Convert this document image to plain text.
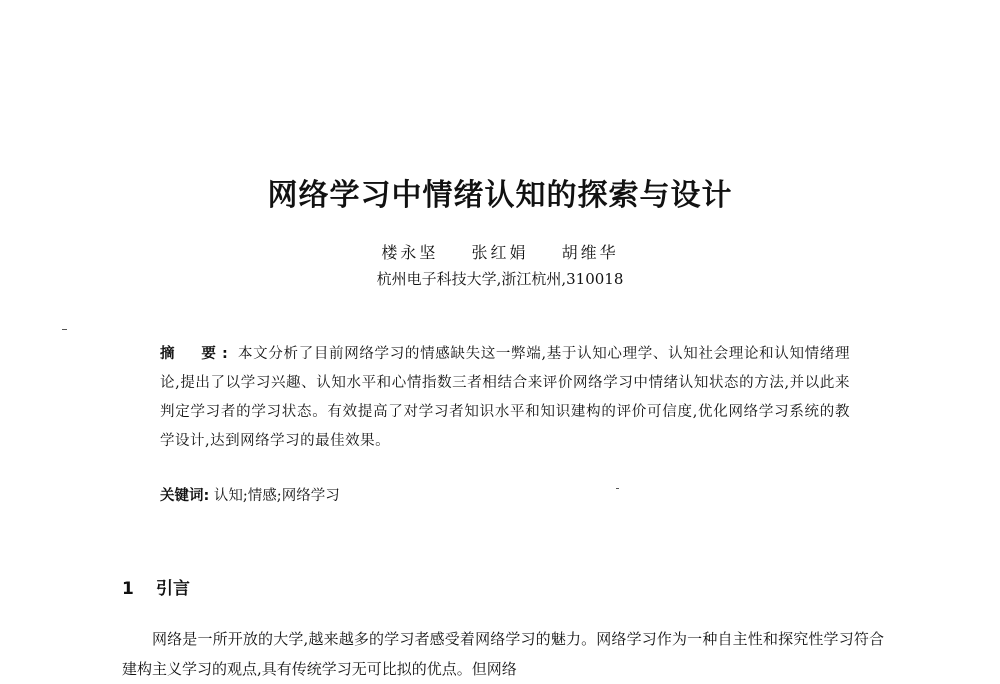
网络学习中情绪认知的探索与设计
楼永坚 张红娟 胡维华
杭州电子科技大学,浙江杭州,310018
摘　要: 本文分析了目前网络学习的情感缺失这一弊端,基于认知心理学、认知社会理论和认知情绪理论,提出了以学习兴趣、认知水平和心情指数三者相结合来评价网络学习中情绪认知状态的方法,并以此来判定学习者的学习状态。有效提高了对学习者知识水平和知识建构的评价可信度,优化网络学习系统的教学设计,达到网络学习的最佳效果。
关键词: 认知;情感;网络学习
1 引言

网络是一所开放的大学,越来越多的学习者感受着网络学习的魅力。网络学习作为一种自主性和探究性学习符合建构主义学习的观点,具有传统学习无可比拟的优点。但网络
